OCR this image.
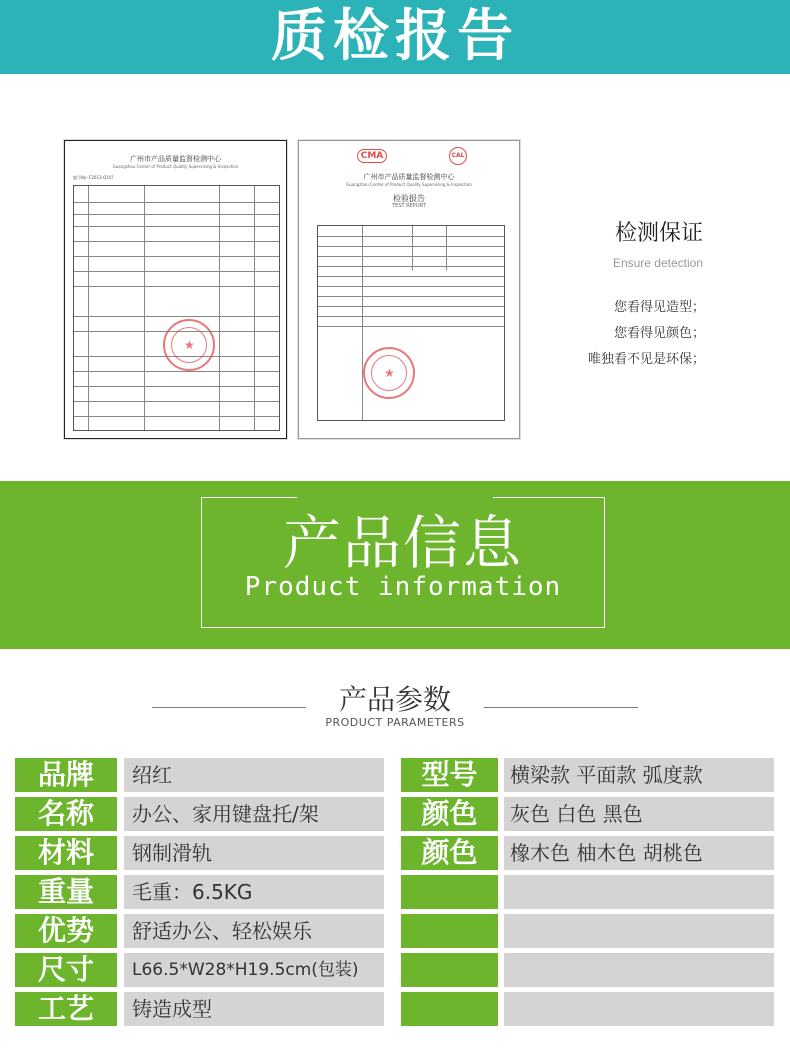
质检报告
广州市产品质量监督检测中心
Guangzhou Center of Product Quality Supervising & Inspection
编号No: F2013-Q10?
★
CMA	CAL
广州市产品质量监督检测中心
Guangzhou Center of Product Quality Supervising & Inspection
检验报告
TEST REPORT
★
检测保证
Ensure detection
您看得见造型；
您看得见颜色；
唯独看不见是环保；
产品信息
Product information
产品参数
PRODUCT PARAMETERS
品牌	绍红
名称	办公、家用键盘托/架
材料	钢制滑轨
重量	毛重：6.5KG
优势	舒适办公、轻松娱乐
尺寸	L66.5*W28*H19.5cm(包装)
工艺	铸造成型
型号	横梁款 平面款 弧度款
颜色	灰色 白色 黑色
颜色	橡木色 柚木色 胡桃色
